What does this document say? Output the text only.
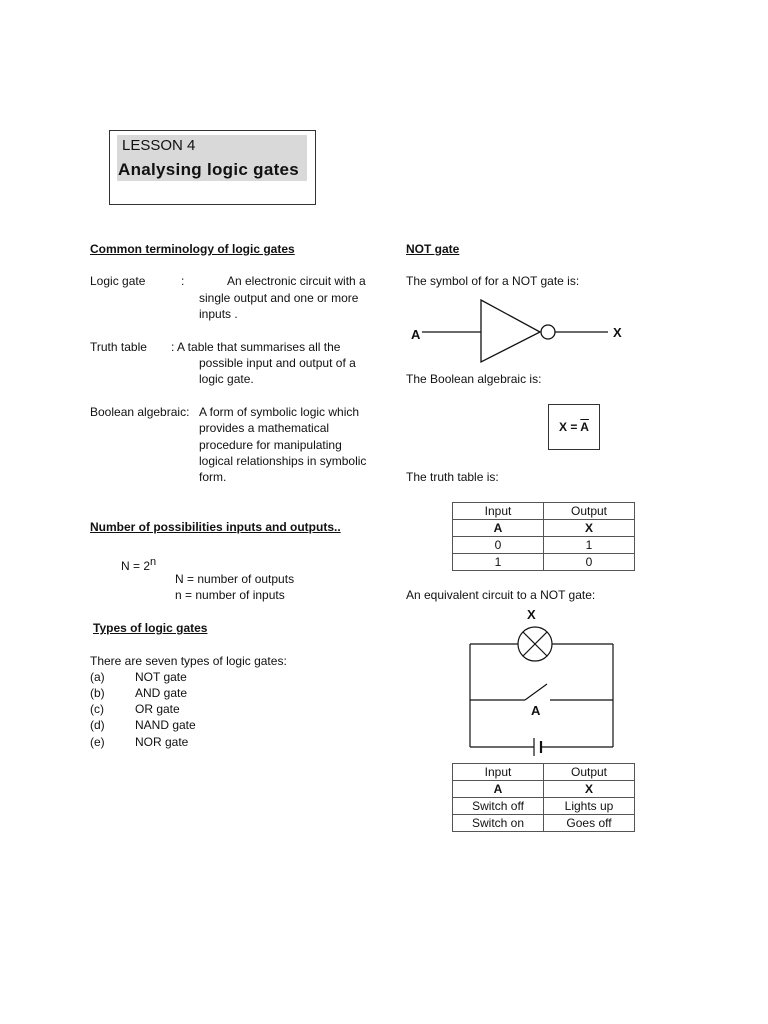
LESSON 4
Analysing logic gates
Common terminology of logic gates
Logic gate	:	An electronic circuit with a
single output and one or more
inputs .
Truth table : A table that summarises all the
possible input and output of a
logic gate.
Boolean algebraic: A form of symbolic logic which
provides a mathematical
procedure for manipulating
logical relationships in symbolic
form.
Number of possibilities inputs and outputs..
$N = 2^n$
N = number of outputs
n = number of inputs
Types of logic gates
There are seven types of logic gates:
(a)	NOT gate
(b)	AND gate
(c)	OR gate
(d)	NAND gate
(e)	NOR gate
NOT gate
The symbol of for a NOT gate is:
A	X
The Boolean algebraic is:
$X = \overline{A}$
The truth table is:
Input	Output
A	X
0	1
1	0
An equivalent circuit to a NOT gate:
X
A
Input	Output
A	X
Switch off	Lights up
Switch on	Goes off
